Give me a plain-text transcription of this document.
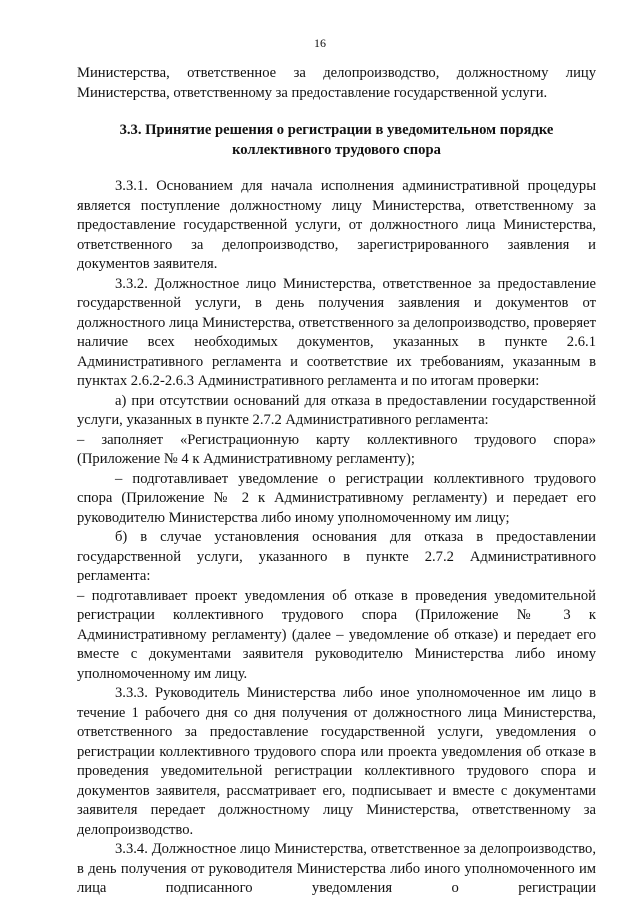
16

Министерства, ответственное за делопроизводство, должностному лицу Министерства, ответственному за предоставление государственной услуги.

3.3. Принятие решения о регистрации в уведомительном порядке
коллективного трудового спора

3.3.1. Основанием для начала исполнения административной процедуры является поступление должностному лицу Министерства, ответственному за предоставление государственной услуги, от должностного лица Министерства, ответственного за делопроизводство, зарегистрированного заявления и документов заявителя.

3.3.2. Должностное лицо Министерства, ответственное за предоставление государственной услуги, в день получения заявления и документов от должностного лица Министерства, ответственного за делопроизводство, проверяет наличие всех необходимых документов, указанных в пункте 2.6.1 Административного регламента и соответствие их требованиям, указанным в пунктах 2.6.2-2.6.3 Административного регламента и по итогам проверки:

а) при отсутствии оснований для отказа в предоставлении государственной услуги, указанных в пункте 2.7.2 Административного регламента:

– заполняет «Регистрационную карту коллективного трудового спора» (Приложение № 4 к Административному регламенту);

– подготавливает уведомление о регистрации коллективного трудового спора (Приложение № 2 к Административному регламенту) и передает его руководителю Министерства либо иному уполномоченному им лицу;

б) в случае установления основания для отказа в предоставлении государственной услуги, указанного в пункте 2.7.2 Административного регламента:

– подготавливает проект уведомления об отказе в проведения уведомительной регистрации коллективного трудового спора (Приложение № 3 к Административному регламенту) (далее – уведомление об отказе) и передает его вместе с документами заявителя руководителю Министерства либо иному уполномоченному им лицу.

3.3.3. Руководитель Министерства либо иное уполномоченное им лицо в течение 1 рабочего дня со дня получения от должностного лица Министерства, ответственного за предоставление государственной услуги, уведомления о регистрации коллективного трудового спора или проекта уведомления об отказе в проведения уведомительной регистрации коллективного трудового спора и документов заявителя, рассматривает его, подписывает и вместе с документами заявителя передает должностному лицу Министерства, ответственному за делопроизводство.

3.3.4. Должностное лицо Министерства, ответственное за делопроизводство, в день получения от руководителя Министерства либо иного уполномоченного им лица подписанного уведомления о регистрации
